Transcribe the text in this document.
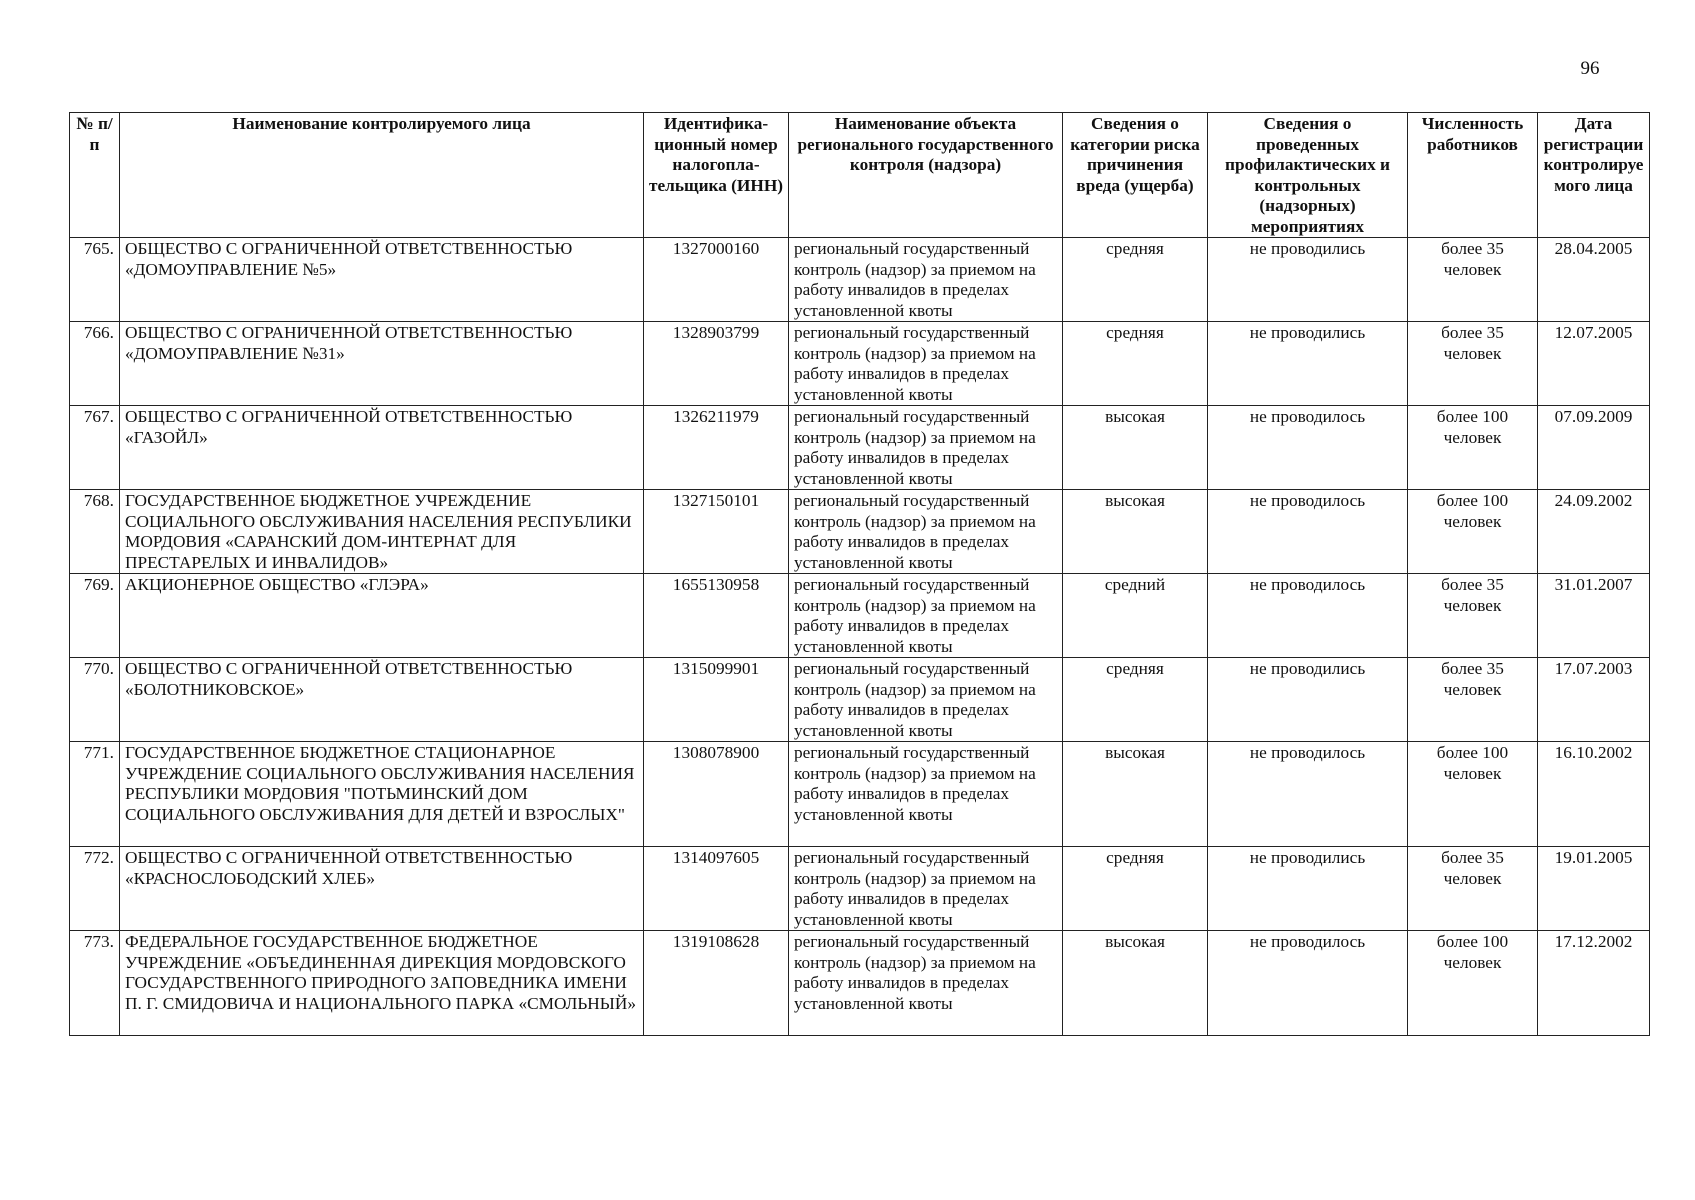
96
№ п/п	Наименование контролируемого лица	Идентифика-ционный номер налогопла-тельщика (ИНН)	Наименование объекта регионального государственного контроля (надзора)	Сведения о категории риска причинения вреда (ущерба)	Сведения о проведенных профилактических и контрольных (надзорных) мероприятиях	Численность работников	Дата регистрации контролируемого лица
765.	ОБЩЕСТВО С ОГРАНИЧЕННОЙ ОТВЕТСТВЕННОСТЬЮ «ДОМОУПРАВЛЕНИЕ №5»	1327000160	региональный государственный контроль (надзор) за приемом на работу инвалидов в пределах установленной квоты	средняя	не проводились	более 35 человек	28.04.2005
766.	ОБЩЕСТВО С ОГРАНИЧЕННОЙ ОТВЕТСТВЕННОСТЬЮ «ДОМОУПРАВЛЕНИЕ №31»	1328903799	региональный государственный контроль (надзор) за приемом на работу инвалидов в пределах установленной квоты	средняя	не проводились	более 35 человек	12.07.2005
767.	ОБЩЕСТВО С ОГРАНИЧЕННОЙ ОТВЕТСТВЕННОСТЬЮ «ГАЗОЙЛ»	1326211979	региональный государственный контроль (надзор) за приемом на работу инвалидов в пределах установленной квоты	высокая	не проводилось	более 100 человек	07.09.2009
768.	ГОСУДАРСТВЕННОЕ БЮДЖЕТНОЕ УЧРЕЖДЕНИЕ СОЦИАЛЬНОГО ОБСЛУЖИВАНИЯ НАСЕЛЕНИЯ РЕСПУБЛИКИ МОРДОВИЯ «САРАНСКИЙ ДОМ-ИНТЕРНАТ ДЛЯ ПРЕСТАРЕЛЫХ И ИНВАЛИДОВ»	1327150101	региональный государственный контроль (надзор) за приемом на работу инвалидов в пределах установленной квоты	высокая	не проводилось	более 100 человек	24.09.2002
769.	АКЦИОНЕРНОЕ ОБЩЕСТВО «ГЛЭРА»	1655130958	региональный государственный контроль (надзор) за приемом на работу инвалидов в пределах установленной квоты	средний	не проводилось	более 35 человек	31.01.2007
770.	ОБЩЕСТВО С ОГРАНИЧЕННОЙ ОТВЕТСТВЕННОСТЬЮ «БОЛОТНИКОВСКОЕ»	1315099901	региональный государственный контроль (надзор) за приемом на работу инвалидов в пределах установленной квоты	средняя	не проводились	более 35 человек	17.07.2003
771.	ГОСУДАРСТВЕННОЕ БЮДЖЕТНОЕ СТАЦИОНАРНОЕ УЧРЕЖДЕНИЕ СОЦИАЛЬНОГО ОБСЛУЖИВАНИЯ НАСЕЛЕНИЯ РЕСПУБЛИКИ МОРДОВИЯ "ПОТЬМИНСКИЙ ДОМ СОЦИАЛЬНОГО ОБСЛУЖИВАНИЯ ДЛЯ ДЕТЕЙ И ВЗРОСЛЫХ"	1308078900	региональный государственный контроль (надзор) за приемом на работу инвалидов в пределах установленной квоты	высокая	не проводилось	более 100 человек	16.10.2002
772.	ОБЩЕСТВО С ОГРАНИЧЕННОЙ ОТВЕТСТВЕННОСТЬЮ «КРАСНОСЛОБОДСКИЙ ХЛЕБ»	1314097605	региональный государственный контроль (надзор) за приемом на работу инвалидов в пределах установленной квоты	средняя	не проводились	более 35 человек	19.01.2005
773.	ФЕДЕРАЛЬНОЕ ГОСУДАРСТВЕННОЕ БЮДЖЕТНОЕ УЧРЕЖДЕНИЕ «ОБЪЕДИНЕННАЯ ДИРЕКЦИЯ МОРДОВСКОГО ГОСУДАРСТВЕННОГО ПРИРОДНОГО ЗАПОВЕДНИКА ИМЕНИ П. Г. СМИДОВИЧА И НАЦИОНАЛЬНОГО ПАРКА «СМОЛЬНЫЙ»	1319108628	региональный государственный контроль (надзор) за приемом на работу инвалидов в пределах установленной квоты	высокая	не проводилось	более 100 человек	17.12.2002
